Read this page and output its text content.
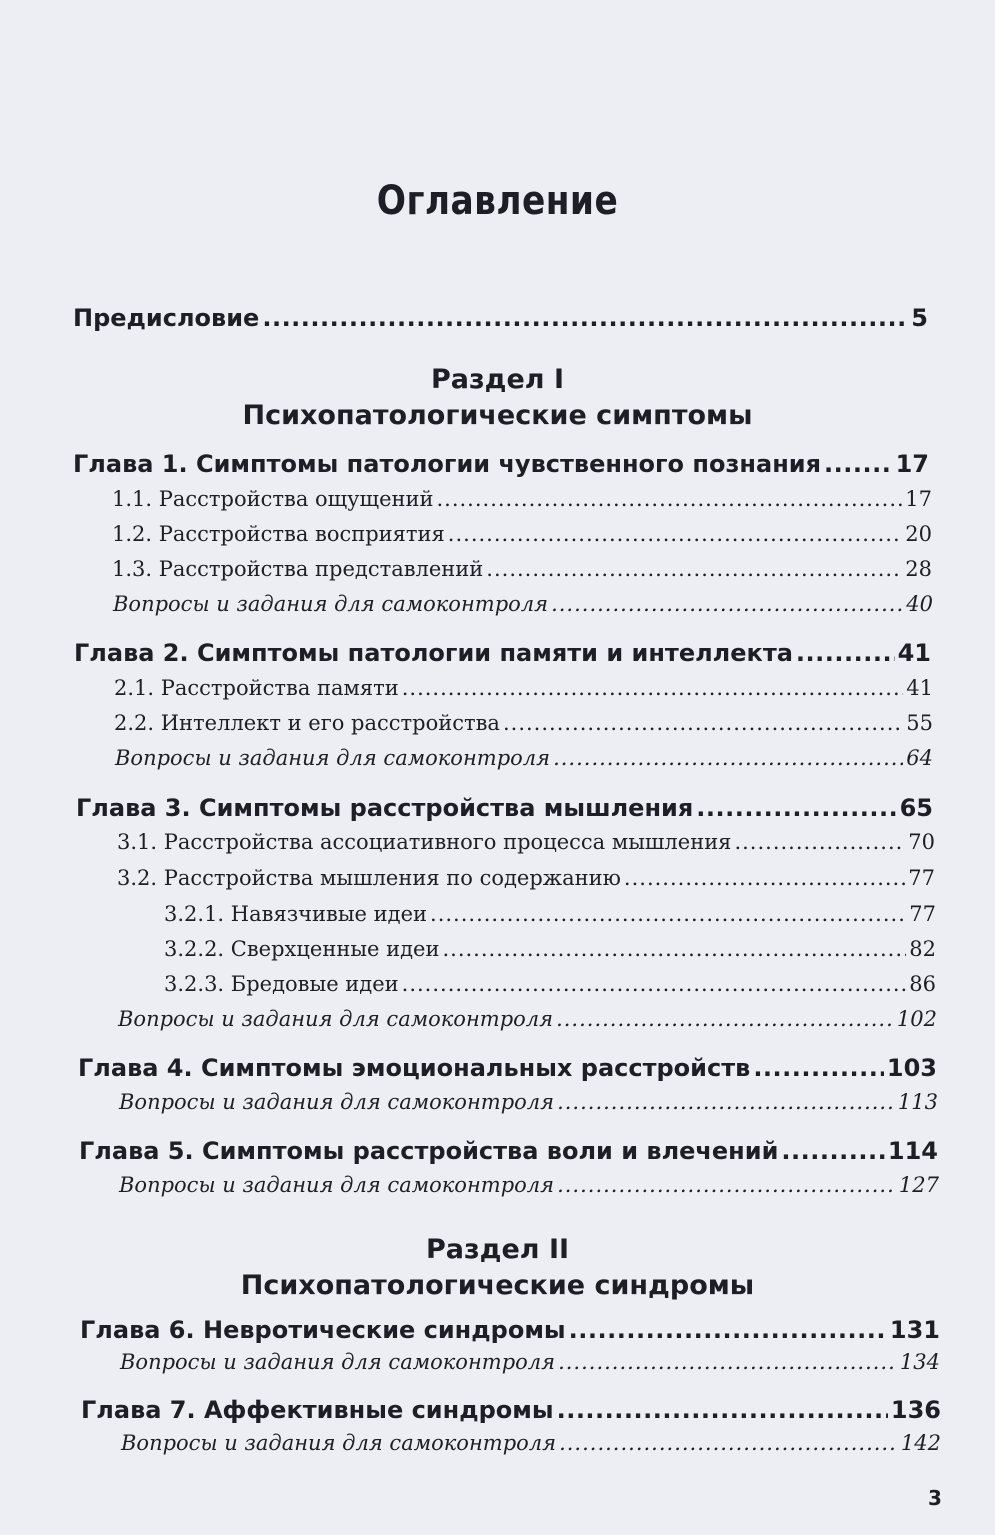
Оглавление
Предисловие .....	5
Раздел I
Психопатологические симптомы
Глава 1. Симптомы патологии чувственного познания .....	17
1.1. Расстройства ощущений .....	17
1.2. Расстройства восприятия .....	20
1.3. Расстройства представлений .....	28
Вопросы и задания для самоконтроля .....	40
Глава 2. Симптомы патологии памяти и интеллекта .....	41
2.1. Расстройства памяти .....	41
2.2. Интеллект и его расстройства .....	55
Вопросы и задания для самоконтроля .....	64
Глава 3. Симптомы расстройства мышления .....	65
3.1. Расстройства ассоциативного процесса мышления .....	70
3.2. Расстройства мышления по содержанию .....	77
3.2.1. Навязчивые идеи .....	77
3.2.2. Сверхценные идеи .....	82
3.2.3. Бредовые идеи .....	86
Вопросы и задания для самоконтроля .....	102
Глава 4. Симптомы эмоциональных расстройств .....	103
Вопросы и задания для самоконтроля .....	113
Глава 5. Симптомы расстройства воли и влечений .....	114
Вопросы и задания для самоконтроля .....	127
Раздел II
Психопатологические синдромы
Глава 6. Невротические синдромы .....	131
Вопросы и задания для самоконтроля .....	134
Глава 7. Аффективные синдромы .....	136
Вопросы и задания для самоконтроля .....	142
3
